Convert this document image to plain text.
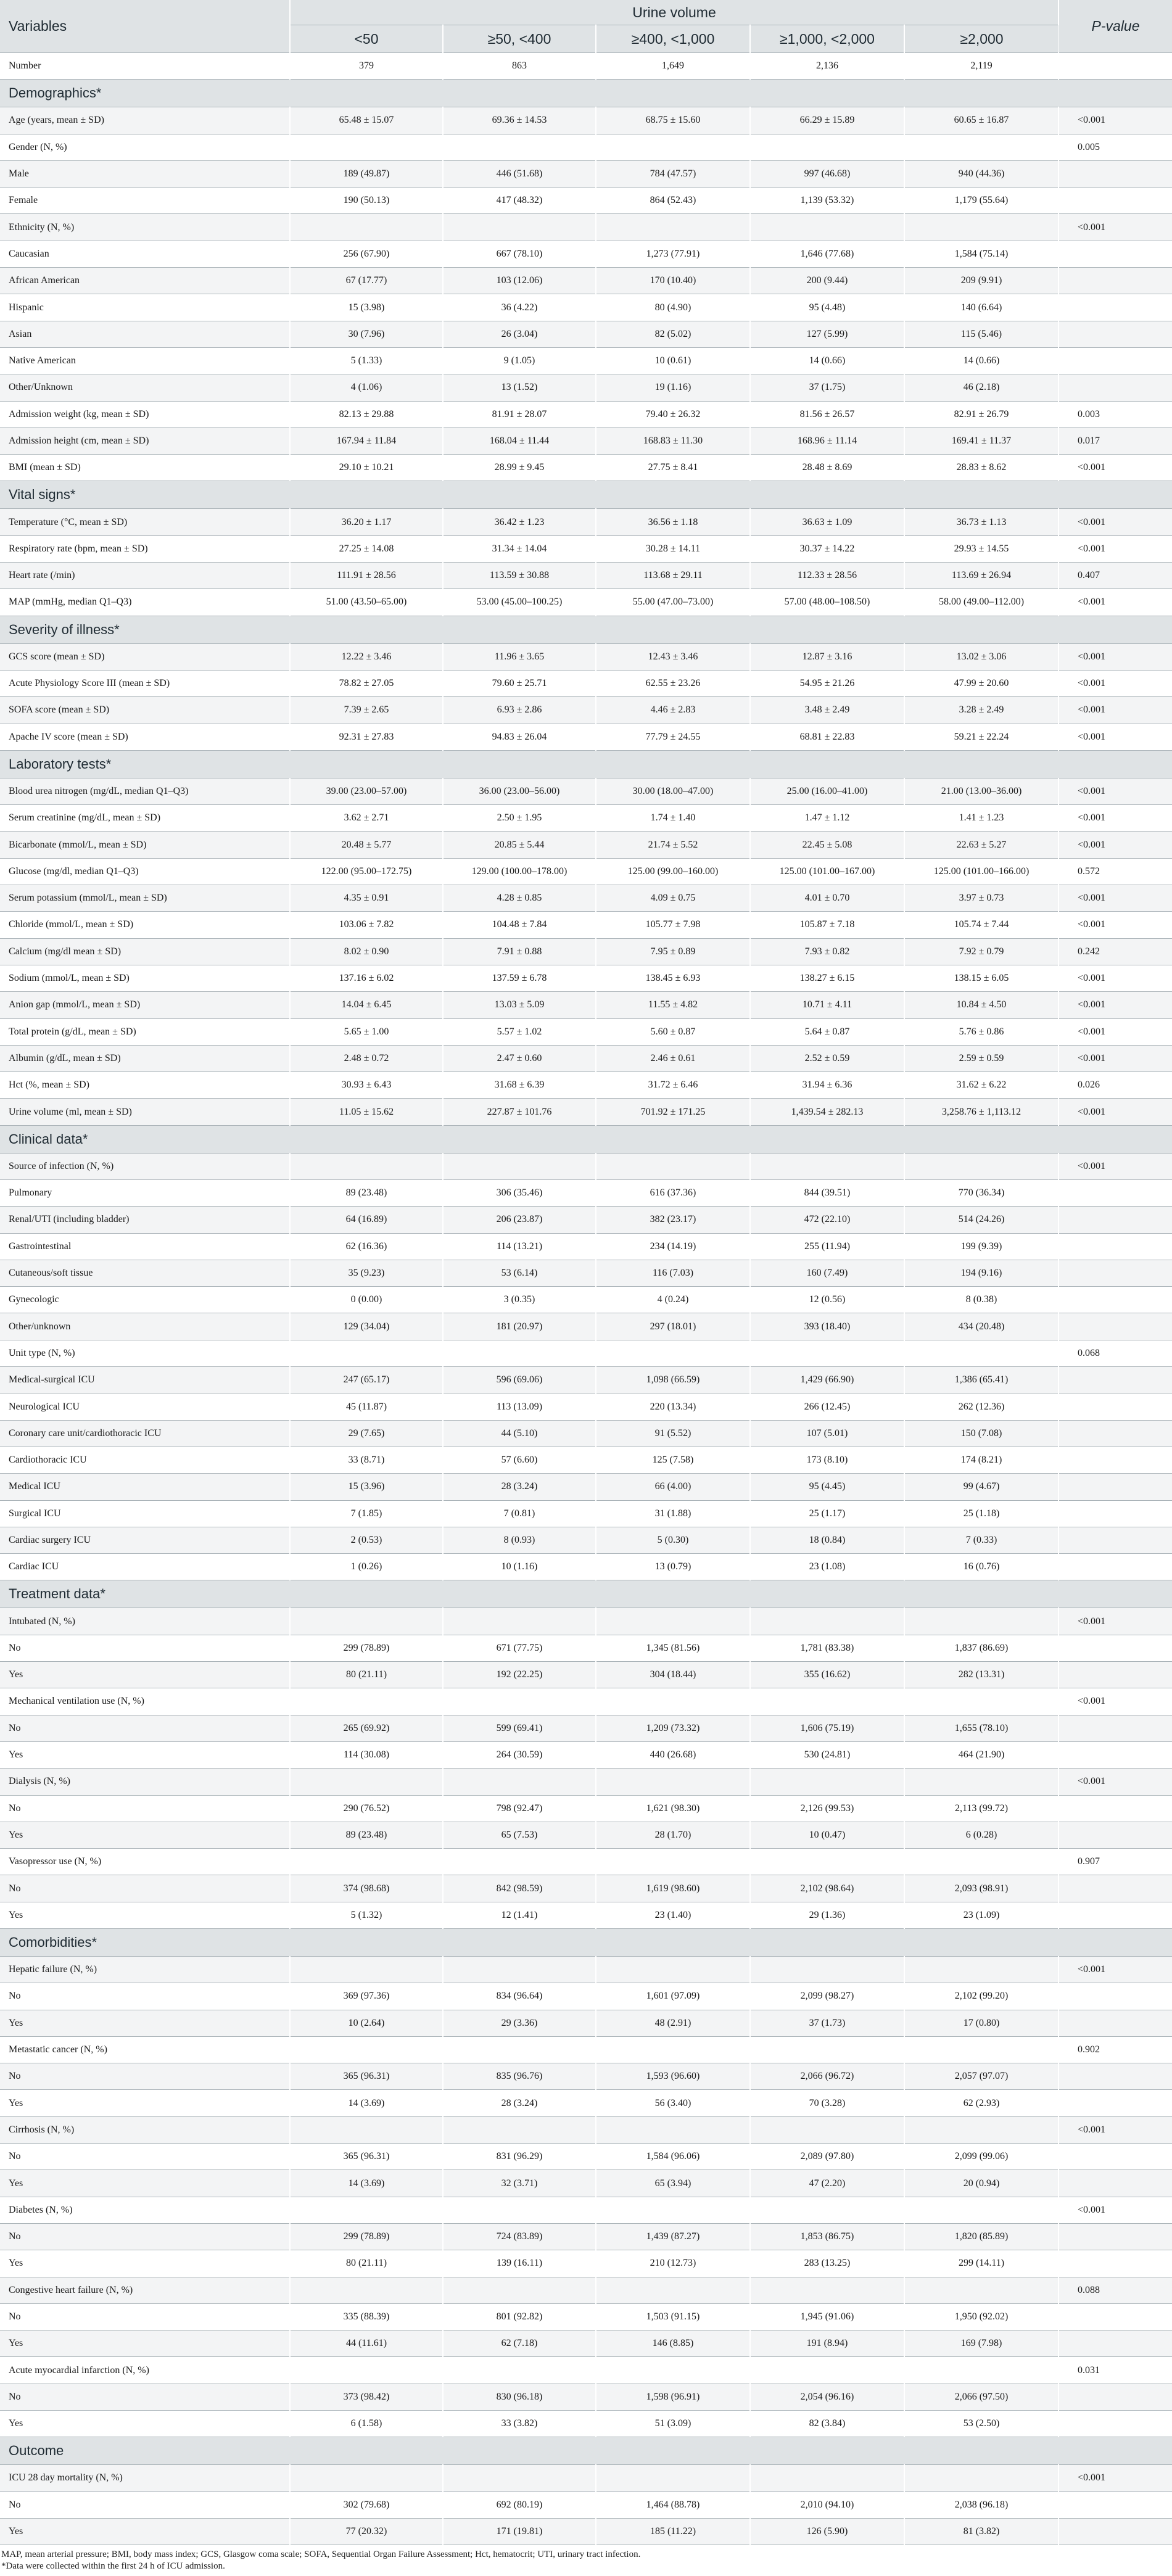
Variables	Urine volume					P-value
	<50	≥50, <400	≥400, <1,000	≥1,000, <2,000	≥2,000	
Number	379	863	1,649	2,136	2,119	
Demographics*						
Age (years, mean ± SD)	65.48 ± 15.07	69.36 ± 14.53	68.75 ± 15.60	66.29 ± 15.89	60.65 ± 16.87	<0.001
Gender (N, %)						0.005
Male	189 (49.87)	446 (51.68)	784 (47.57)	997 (46.68)	940 (44.36)	
Female	190 (50.13)	417 (48.32)	864 (52.43)	1,139 (53.32)	1,179 (55.64)	
Ethnicity (N, %)						<0.001
Caucasian	256 (67.90)	667 (78.10)	1,273 (77.91)	1,646 (77.68)	1,584 (75.14)	
African American	67 (17.77)	103 (12.06)	170 (10.40)	200 (9.44)	209 (9.91)	
Hispanic	15 (3.98)	36 (4.22)	80 (4.90)	95 (4.48)	140 (6.64)	
Asian	30 (7.96)	26 (3.04)	82 (5.02)	127 (5.99)	115 (5.46)	
Native American	5 (1.33)	9 (1.05)	10 (0.61)	14 (0.66)	14 (0.66)	
Other/Unknown	4 (1.06)	13 (1.52)	19 (1.16)	37 (1.75)	46 (2.18)	
Admission weight (kg, mean ± SD)	82.13 ± 29.88	81.91 ± 28.07	79.40 ± 26.32	81.56 ± 26.57	82.91 ± 26.79	0.003
Admission height (cm, mean ± SD)	167.94 ± 11.84	168.04 ± 11.44	168.83 ± 11.30	168.96 ± 11.14	169.41 ± 11.37	0.017
BMI (mean ± SD)	29.10 ± 10.21	28.99 ± 9.45	27.75 ± 8.41	28.48 ± 8.69	28.83 ± 8.62	<0.001
Vital signs*						
Temperature (°C, mean ± SD)	36.20 ± 1.17	36.42 ± 1.23	36.56 ± 1.18	36.63 ± 1.09	36.73 ± 1.13	<0.001
Respiratory rate (bpm, mean ± SD)	27.25 ± 14.08	31.34 ± 14.04	30.28 ± 14.11	30.37 ± 14.22	29.93 ± 14.55	<0.001
Heart rate (/min)	111.91 ± 28.56	113.59 ± 30.88	113.68 ± 29.11	112.33 ± 28.56	113.69 ± 26.94	0.407
MAP (mmHg, median Q1–Q3)	51.00 (43.50–65.00)	53.00 (45.00–100.25)	55.00 (47.00–73.00)	57.00 (48.00–108.50)	58.00 (49.00–112.00)	<0.001
Severity of illness*						
GCS score (mean ± SD)	12.22 ± 3.46	11.96 ± 3.65	12.43 ± 3.46	12.87 ± 3.16	13.02 ± 3.06	<0.001
Acute Physiology Score III (mean ± SD)	78.82 ± 27.05	79.60 ± 25.71	62.55 ± 23.26	54.95 ± 21.26	47.99 ± 20.60	<0.001
SOFA score (mean ± SD)	7.39 ± 2.65	6.93 ± 2.86	4.46 ± 2.83	3.48 ± 2.49	3.28 ± 2.49	<0.001
Apache IV score (mean ± SD)	92.31 ± 27.83	94.83 ± 26.04	77.79 ± 24.55	68.81 ± 22.83	59.21 ± 22.24	<0.001
Laboratory tests*						
Blood urea nitrogen (mg/dL, median Q1–Q3)	39.00 (23.00–57.00)	36.00 (23.00–56.00)	30.00 (18.00–47.00)	25.00 (16.00–41.00)	21.00 (13.00–36.00)	<0.001
Serum creatinine (mg/dL, mean ± SD)	3.62 ± 2.71	2.50 ± 1.95	1.74 ± 1.40	1.47 ± 1.12	1.41 ± 1.23	<0.001
Bicarbonate (mmol/L, mean ± SD)	20.48 ± 5.77	20.85 ± 5.44	21.74 ± 5.52	22.45 ± 5.08	22.63 ± 5.27	<0.001
Glucose (mg/dl, median Q1–Q3)	122.00 (95.00–172.75)	129.00 (100.00–178.00)	125.00 (99.00–160.00)	125.00 (101.00–167.00)	125.00 (101.00–166.00)	0.572
Serum potassium (mmol/L, mean ± SD)	4.35 ± 0.91	4.28 ± 0.85	4.09 ± 0.75	4.01 ± 0.70	3.97 ± 0.73	<0.001
Chloride (mmol/L, mean ± SD)	103.06 ± 7.82	104.48 ± 7.84	105.77 ± 7.98	105.87 ± 7.18	105.74 ± 7.44	<0.001
Calcium (mg/dl mean ± SD)	8.02 ± 0.90	7.91 ± 0.88	7.95 ± 0.89	7.93 ± 0.82	7.92 ± 0.79	0.242
Sodium (mmol/L, mean ± SD)	137.16 ± 6.02	137.59 ± 6.78	138.45 ± 6.93	138.27 ± 6.15	138.15 ± 6.05	<0.001
Anion gap (mmol/L, mean ± SD)	14.04 ± 6.45	13.03 ± 5.09	11.55 ± 4.82	10.71 ± 4.11	10.84 ± 4.50	<0.001
Total protein (g/dL, mean ± SD)	5.65 ± 1.00	5.57 ± 1.02	5.60 ± 0.87	5.64 ± 0.87	5.76 ± 0.86	<0.001
Albumin (g/dL, mean ± SD)	2.48 ± 0.72	2.47 ± 0.60	2.46 ± 0.61	2.52 ± 0.59	2.59 ± 0.59	<0.001
Hct (%, mean ± SD)	30.93 ± 6.43	31.68 ± 6.39	31.72 ± 6.46	31.94 ± 6.36	31.62 ± 6.22	0.026
Urine volume (ml, mean ± SD)	11.05 ± 15.62	227.87 ± 101.76	701.92 ± 171.25	1,439.54 ± 282.13	3,258.76 ± 1,113.12	<0.001
Clinical data*						
Source of infection (N, %)						<0.001
Pulmonary	89 (23.48)	306 (35.46)	616 (37.36)	844 (39.51)	770 (36.34)	
Renal/UTI (including bladder)	64 (16.89)	206 (23.87)	382 (23.17)	472 (22.10)	514 (24.26)	
Gastrointestinal	62 (16.36)	114 (13.21)	234 (14.19)	255 (11.94)	199 (9.39)	
Cutaneous/soft tissue	35 (9.23)	53 (6.14)	116 (7.03)	160 (7.49)	194 (9.16)	
Gynecologic	0 (0.00)	3 (0.35)	4 (0.24)	12 (0.56)	8 (0.38)	
Other/unknown	129 (34.04)	181 (20.97)	297 (18.01)	393 (18.40)	434 (20.48)	
Unit type (N, %)						0.068
Medical-surgical ICU	247 (65.17)	596 (69.06)	1,098 (66.59)	1,429 (66.90)	1,386 (65.41)	
Neurological ICU	45 (11.87)	113 (13.09)	220 (13.34)	266 (12.45)	262 (12.36)	
Coronary care unit/cardiothoracic ICU	29 (7.65)	44 (5.10)	91 (5.52)	107 (5.01)	150 (7.08)	
Cardiothoracic ICU	33 (8.71)	57 (6.60)	125 (7.58)	173 (8.10)	174 (8.21)	
Medical ICU	15 (3.96)	28 (3.24)	66 (4.00)	95 (4.45)	99 (4.67)	
Surgical ICU	7 (1.85)	7 (0.81)	31 (1.88)	25 (1.17)	25 (1.18)	
Cardiac surgery ICU	2 (0.53)	8 (0.93)	5 (0.30)	18 (0.84)	7 (0.33)	
Cardiac ICU	1 (0.26)	10 (1.16)	13 (0.79)	23 (1.08)	16 (0.76)	
Treatment data*						
Intubated (N, %)						<0.001
No	299 (78.89)	671 (77.75)	1,345 (81.56)	1,781 (83.38)	1,837 (86.69)	
Yes	80 (21.11)	192 (22.25)	304 (18.44)	355 (16.62)	282 (13.31)	
Mechanical ventilation use (N, %)						<0.001
No	265 (69.92)	599 (69.41)	1,209 (73.32)	1,606 (75.19)	1,655 (78.10)	
Yes	114 (30.08)	264 (30.59)	440 (26.68)	530 (24.81)	464 (21.90)	
Dialysis (N, %)						<0.001
No	290 (76.52)	798 (92.47)	1,621 (98.30)	2,126 (99.53)	2,113 (99.72)	
Yes	89 (23.48)	65 (7.53)	28 (1.70)	10 (0.47)	6 (0.28)	
Vasopressor use (N, %)						0.907
No	374 (98.68)	842 (98.59)	1,619 (98.60)	2,102 (98.64)	2,093 (98.91)	
Yes	5 (1.32)	12 (1.41)	23 (1.40)	29 (1.36)	23 (1.09)	
Comorbidities*						
Hepatic failure (N, %)						<0.001
No	369 (97.36)	834 (96.64)	1,601 (97.09)	2,099 (98.27)	2,102 (99.20)	
Yes	10 (2.64)	29 (3.36)	48 (2.91)	37 (1.73)	17 (0.80)	
Metastatic cancer (N, %)						0.902
No	365 (96.31)	835 (96.76)	1,593 (96.60)	2,066 (96.72)	2,057 (97.07)	
Yes	14 (3.69)	28 (3.24)	56 (3.40)	70 (3.28)	62 (2.93)	
Cirrhosis (N, %)						<0.001
No	365 (96.31)	831 (96.29)	1,584 (96.06)	2,089 (97.80)	2,099 (99.06)	
Yes	14 (3.69)	32 (3.71)	65 (3.94)	47 (2.20)	20 (0.94)	
Diabetes (N, %)						<0.001
No	299 (78.89)	724 (83.89)	1,439 (87.27)	1,853 (86.75)	1,820 (85.89)	
Yes	80 (21.11)	139 (16.11)	210 (12.73)	283 (13.25)	299 (14.11)	
Congestive heart failure (N, %)						0.088
No	335 (88.39)	801 (92.82)	1,503 (91.15)	1,945 (91.06)	1,950 (92.02)	
Yes	44 (11.61)	62 (7.18)	146 (8.85)	191 (8.94)	169 (7.98)	
Acute myocardial infarction (N, %)						0.031
No	373 (98.42)	830 (96.18)	1,598 (96.91)	2,054 (96.16)	2,066 (97.50)	
Yes	6 (1.58)	33 (3.82)	51 (3.09)	82 (3.84)	53 (2.50)	
Outcome						
ICU 28 day mortality (N, %)						<0.001
No	302 (79.68)	692 (80.19)	1,464 (88.78)	2,010 (94.10)	2,038 (96.18)	
Yes	77 (20.32)	171 (19.81)	185 (11.22)	126 (5.90)	81 (3.82)	
MAP, mean arterial pressure; BMI, body mass index; GCS, Glasgow coma scale; SOFA, Sequential Organ Failure Assessment; Hct, hematocrit; UTI, urinary tract infection.
*Data were collected within the first 24 h of ICU admission.
